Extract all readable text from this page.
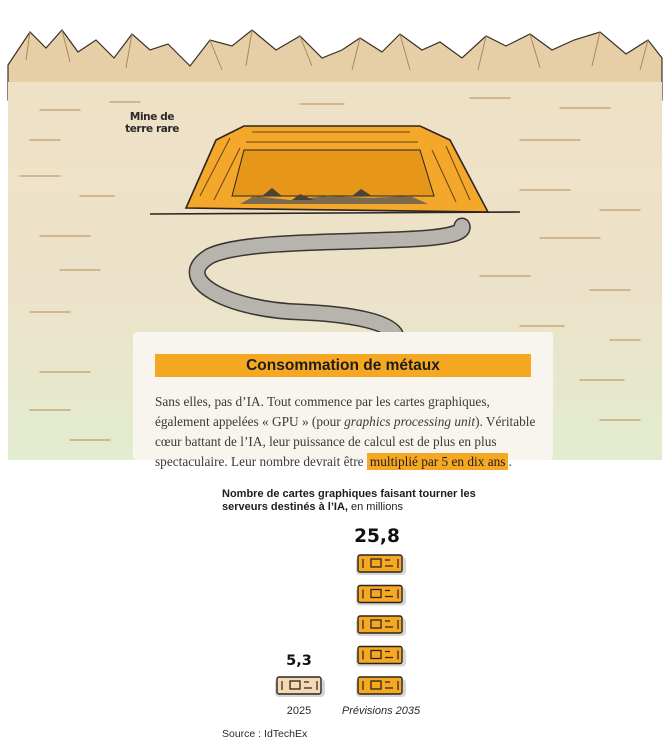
Mine de terre rare
Consommation de métaux
Sans elles, pas d’IA. Tout commence par les cartes graphiques, également appelées « GPU » (pour graphics processing unit). Véritable cœur battant de l’IA, leur puissance de calcul est de plus en plus spectaculaire. Leur nombre devrait être multiplié par 5 en dix ans .
Nombre de cartes graphiques faisant tourner les serveurs destinés à l’IA, en millions
25,8
5,3
2025	Prévisions 2035
Source : IdTechEx
